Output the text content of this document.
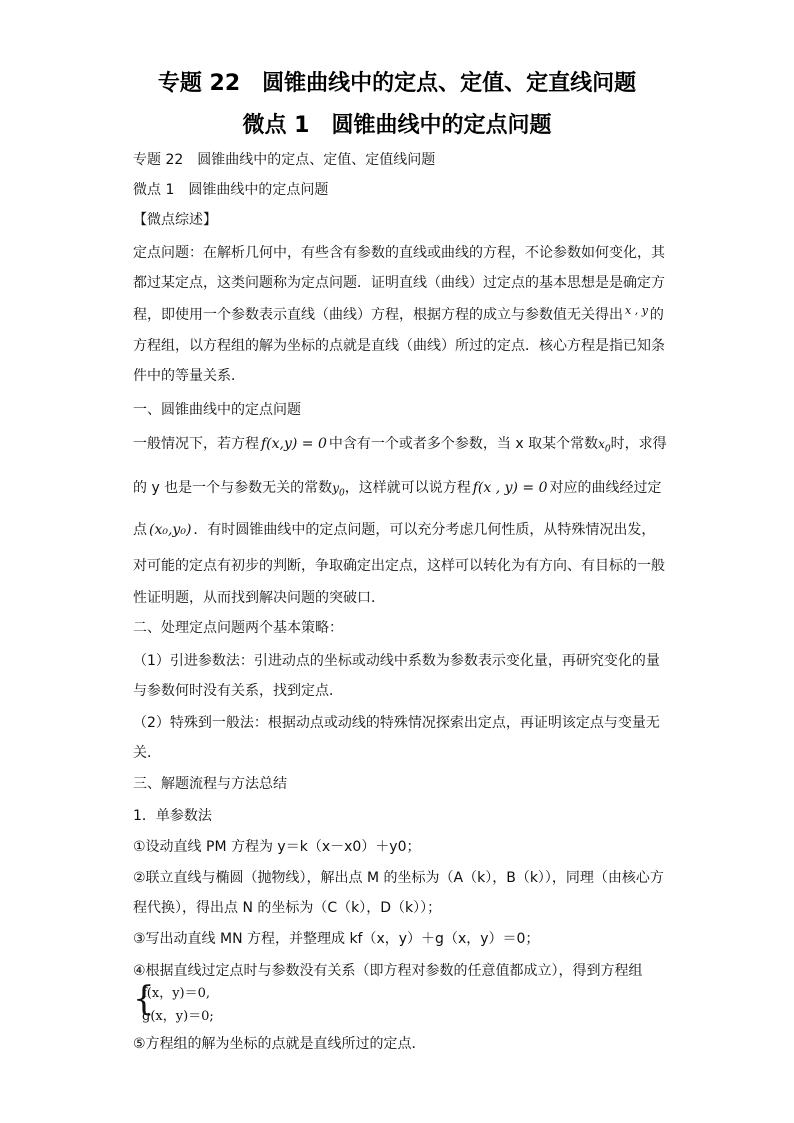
专题 22　圆锥曲线中的定点、定值、定直线问题
微点 1　圆锥曲线中的定点问题
专题 22　圆锥曲线中的定点、定值、定值线问题
微点 1　圆锥曲线中的定点问题
【微点综述】
定点问题：在解析几何中，有些含有参数的直线或曲线的方程，不论参数如何变化，其
都过某定点，这类问题称为定点问题．证明直线（曲线）过定点的基本思想是是确定方
程，即使用一个参数表示直线（曲线）方程，根据方程的成立与参数值无关得出 $^{x , y}$ 的
方程组，以方程组的解为坐标的点就是直线（曲线）所过的定点．核心方程是指已知条
件中的等量关系．
一、圆锥曲线中的定点问题
一般情况下，若方程 f(x,y) = 0 中含有一个或者多个参数，当 x 取某个常数$x_0$时，求得
的 y 也是一个与参数无关的常数$y_0$，这样就可以说方程 f(x , y) = 0 对应的曲线经过定
点 (x₀,y₀) ．有时圆锥曲线中的定点问题，可以充分考虑几何性质，从特殊情况出发，
对可能的定点有初步的判断，争取确定出定点，这样可以转化为有方向、有目标的一般
性证明题，从而找到解决问题的突破口．
二、处理定点问题两个基本策略：
（1）引进参数法：引进动点的坐标或动线中系数为参数表示变化量，再研究变化的量
与参数何时没有关系，找到定点．
（2）特殊到一般法：根据动点或动线的特殊情况探索出定点，再证明该定点与变量无
关．
三、解题流程与方法总结
1．单参数法
①设动直线 PM 方程为 y＝k（x－x0）＋y0；
②联立直线与椭圆（抛物线），解出点 M 的坐标为（A（k），B（k）），同理（由核心方
程代换），得出点 N 的坐标为（C（k），D（k））；
③写出动直线 MN 方程，并整理成 kf（x，y）＋g（x，y）＝0；
④根据直线过定点时与参数没有关系（即方程对参数的任意值都成立），得到方程组
{
f(x，y)＝0,
g(x，y)＝0;
⑤方程组的解为坐标的点就是直线所过的定点．
